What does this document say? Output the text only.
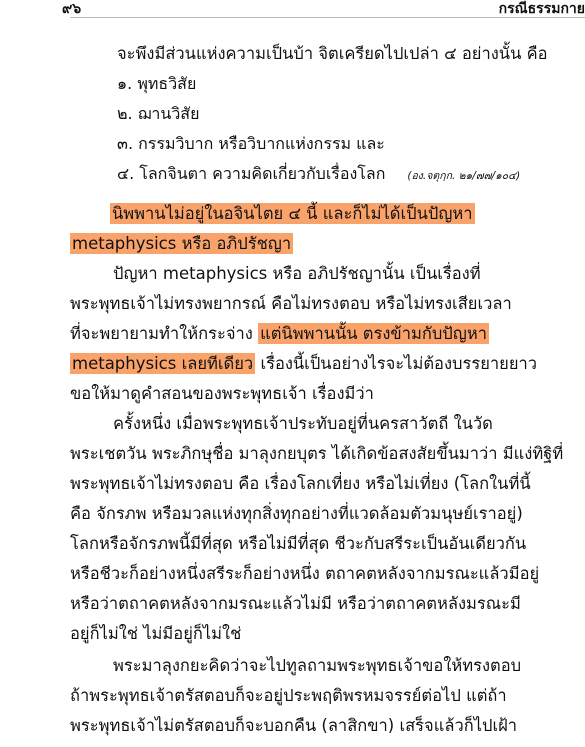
๙๖	กรณีธรรมกาย
จะพึงมีส่วนแห่งความเป็นบ้า จิตเครียดไปเปล่า ๔ อย่างนั้น คือ
๑. พุทธวิสัย
๒. ฌานวิสัย
๓. กรรมวิบาก หรือวิบากแห่งกรรม และ
๔. โลกจินตา ความคิดเกี่ยวกับเรื่องโลก (อง.จตุกฺก. ๒๑/๗๗/๑๐๔)
นิพพานไม่อยู่ในอจินไตย ๔ นี้ และก็ไม่ได้เป็นปัญหา
metaphysics หรือ อภิปรัชญา
ปัญหา metaphysics หรือ อภิปรัชญานั้น เป็นเรื่องที่
พระพุทธเจ้าไม่ทรงพยากรณ์ คือไม่ทรงตอบ หรือไม่ทรงเสียเวลา
ที่จะพยายามทำให้กระจ่าง แต่นิพพานนั้น ตรงข้ามกับปัญหา
metaphysics เลยทีเดียว เรื่องนี้เป็นอย่างไรจะไม่ต้องบรรยายยาว
ขอให้มาดูคำสอนของพระพุทธเจ้า เรื่องมีว่า
ครั้งหนึ่ง เมื่อพระพุทธเจ้าประทับอยู่ที่นครสาวัตถี ในวัด
พระเชตวัน พระภิกษุชื่อ มาลุงกยบุตร ได้เกิดข้อสงสัยขึ้นมาว่า มีแง่ทิฐิที่
พระพุทธเจ้าไม่ทรงตอบ คือ เรื่องโลกเที่ยง หรือไม่เที่ยง (โลกในที่นี้
คือ จักรภพ หรือมวลแห่งทุกสิ่งทุกอย่างที่แวดล้อมตัวมนุษย์เราอยู่)
โลกหรือจักรภพนี้มีที่สุด หรือไม่มีที่สุด ชีวะกับสรีระเป็นอันเดียวกัน
หรือชีวะก็อย่างหนึ่งสรีระก็อย่างหนึ่ง ตถาคตหลังจากมรณะแล้วมีอยู่
หรือว่าตถาคตหลังจากมรณะแล้วไม่มี หรือว่าตถาคตหลังมรณะมี
อยู่ก็ไม่ใช่ ไม่มีอยู่ก็ไม่ใช่
พระมาลุงกยะคิดว่าจะไปทูลถามพระพุทธเจ้าขอให้ทรงตอบ
ถ้าพระพุทธเจ้าตรัสตอบก็จะอยู่ประพฤติพรหมจรรย์ต่อไป แต่ถ้า
พระพุทธเจ้าไม่ตรัสตอบก็จะบอกคืน (ลาสิกขา) เสร็จแล้วก็ไปเฝ้า
